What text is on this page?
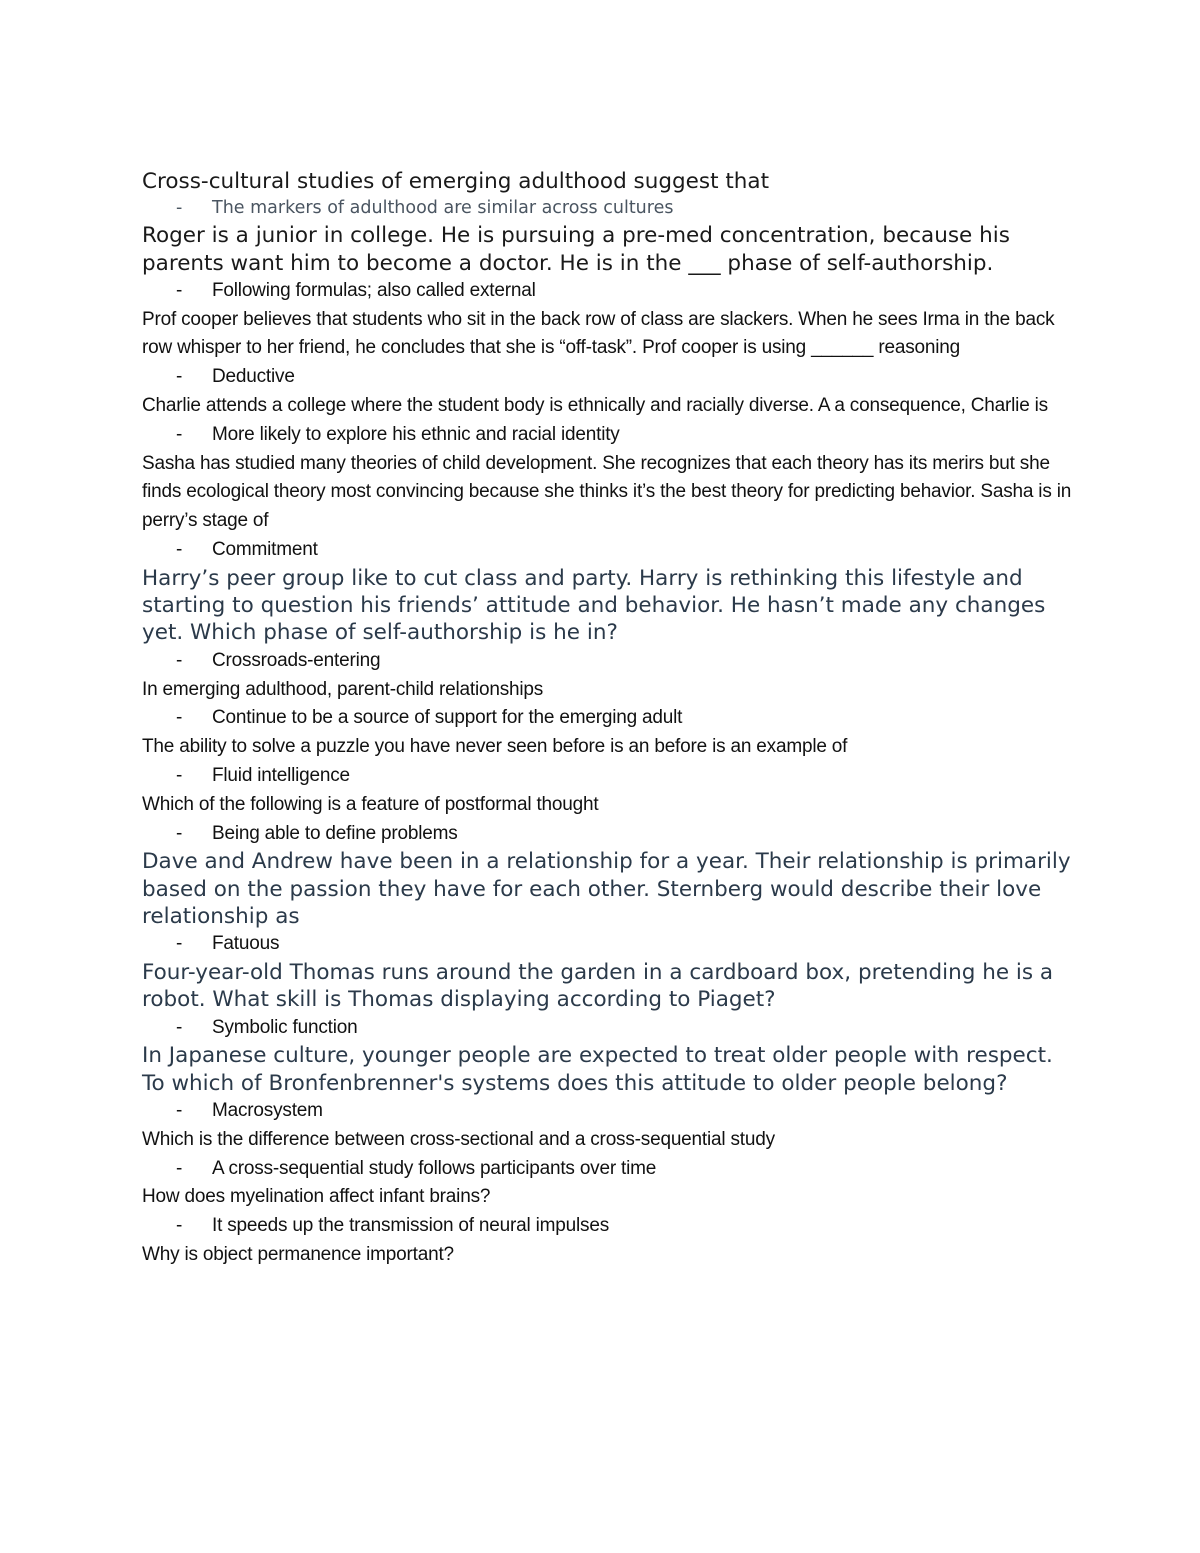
Cross-cultural studies of emerging adulthood suggest that

- The markers of adulthood are similar across cultures

Roger is a junior in college. He is pursuing a pre-med concentration, because his parents want him to become a doctor. He is in the ___ phase of self-authorship.

- Following formulas; also called external

Prof cooper believes that students who sit in the back row of class are slackers. When he sees Irma in the back row whisper to her friend, he concludes that she is “off-task”. Prof cooper is using ______ reasoning

- Deductive

Charlie attends a college where the student body is ethnically and racially diverse. A a consequence, Charlie is

- More likely to explore his ethnic and racial identity

Sasha has studied many theories of child development. She recognizes that each theory has its merirs but she finds ecological theory most convincing because she thinks it’s the best theory for predicting behavior. Sasha is in perry’s stage of

- Commitment

Harry’s peer group like to cut class and party. Harry is rethinking this lifestyle and starting to question his friends’ attitude and behavior. He hasn’t made any changes yet. Which phase of self-authorship is he in?

- Crossroads-entering

In emerging adulthood, parent-child relationships

- Continue to be a source of support for the emerging adult

The ability to solve a puzzle you have never seen before is an before is an example of

- Fluid intelligence

Which of the following is a feature of postformal thought

- Being able to define problems

Dave and Andrew have been in a relationship for a year. Their relationship is primarily based on the passion they have for each other. Sternberg would describe their love relationship as

- Fatuous

Four-year-old Thomas runs around the garden in a cardboard box, pretending he is a robot. What skill is Thomas displaying according to Piaget?

- Symbolic function

In Japanese culture, younger people are expected to treat older people with respect. To which of Bronfenbrenner's systems does this attitude to older people belong?

- Macrosystem

Which is the difference between cross-sectional and a cross-sequential study

- A cross-sequential study follows participants over time

How does myelination affect infant brains?

- It speeds up the transmission of neural impulses

Why is object permanence important?
